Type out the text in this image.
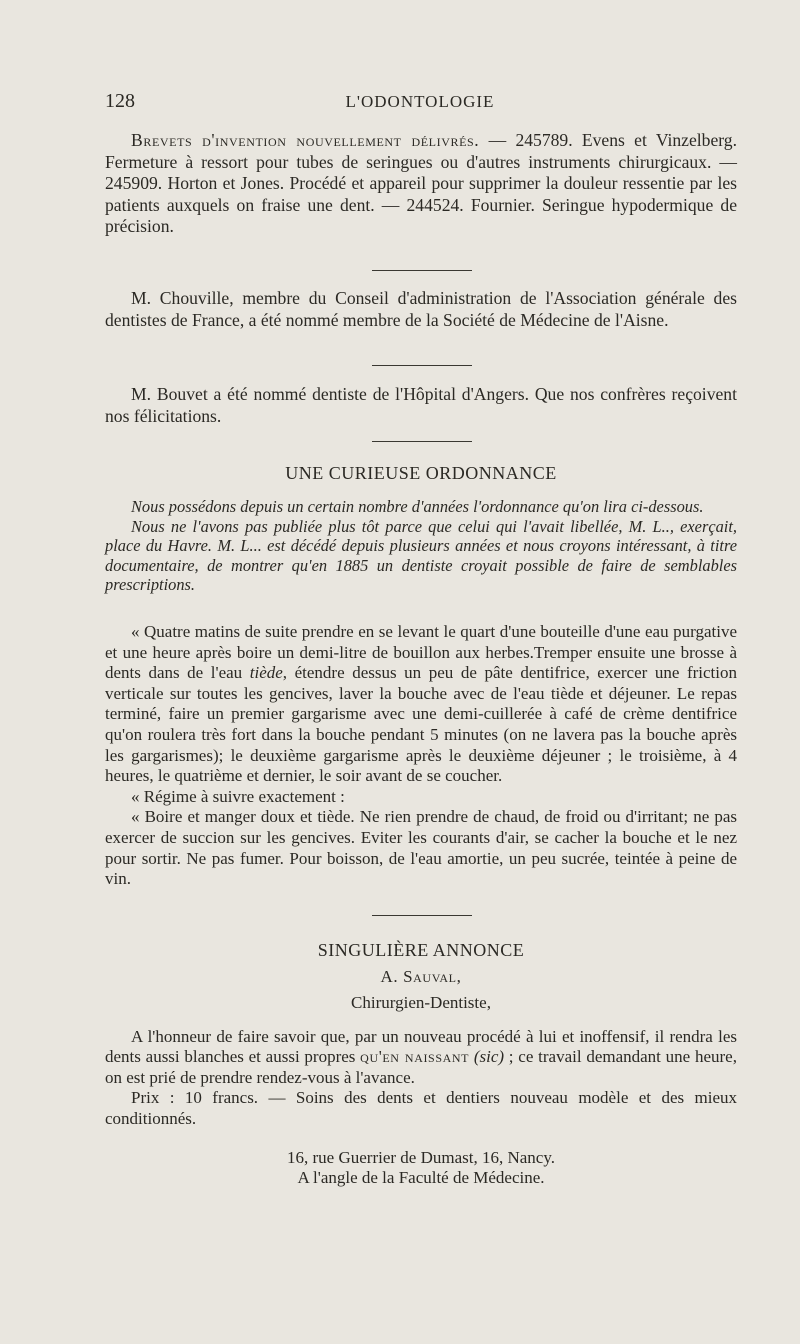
128	L'ODONTOLOGIE

Brevets d'invention nouvellement délivrés. — 245789. Evens et Vinzelberg. Fermeture à ressort pour tubes de seringues ou d'autres instruments chirurgicaux. — 245909. Horton et Jones. Procédé et appareil pour supprimer la douleur ressentie par les patients auxquels on fraise une dent. — 244524. Fournier. Seringue hypodermique de précision.

M. Chouville, membre du Conseil d'administration de l'Association générale des dentistes de France, a été nommé membre de la Société de Médecine de l'Aisne.

M. Bouvet a été nommé dentiste de l'Hôpital d'Angers. Que nos confrères reçoivent nos félicitations.

UNE CURIEUSE ORDONNANCE

Nous possédons depuis un certain nombre d'années l'ordonnance qu'on lira ci-dessous.

Nous ne l'avons pas publiée plus tôt parce que celui qui l'avait libellée, M. L.., exerçait, place du Havre. M. L... est décédé depuis plusieurs années et nous croyons intéressant, à titre documentaire, de montrer qu'en 1885 un dentiste croyait possible de faire de semblables prescriptions.

« Quatre matins de suite prendre en se levant le quart d'une bouteille d'une eau purgative et une heure après boire un demi-litre de bouillon aux herbes.Tremper ensuite une brosse à dents dans de l'eau tiède, étendre dessus un peu de pâte dentifrice, exercer une friction verticale sur toutes les gencives, laver la bouche avec de l'eau tiède et déjeuner. Le repas terminé, faire un premier gargarisme avec une demi-cuillerée à café de crème dentifrice qu'on roulera très fort dans la bouche pendant 5 minutes (on ne lavera pas la bouche après les gargarismes); le deuxième gargarisme après le deuxième déjeuner ; le troisième, à 4 heures, le quatrième et dernier, le soir avant de se coucher.

« Régime à suivre exactement :

« Boire et manger doux et tiède. Ne rien prendre de chaud, de froid ou d'irritant; ne pas exercer de succion sur les gencives. Eviter les courants d'air, se cacher la bouche et le nez pour sortir. Ne pas fumer. Pour boisson, de l'eau amortie, un peu sucrée, teintée à peine de vin.

SINGULIÈRE ANNONCE
A. Sauval,
Chirurgien-Dentiste,

A l'honneur de faire savoir que, par un nouveau procédé à lui et inoffensif, il rendra les dents aussi blanches et aussi propres qu'en naissant (sic) ; ce travail demandant une heure, on est prié de prendre rendez-vous à l'avance.

Prix : 10 francs. — Soins des dents et dentiers nouveau modèle et des mieux conditionnés.

16, rue Guerrier de Dumast, 16, Nancy.
A l'angle de la Faculté de Médecine.
